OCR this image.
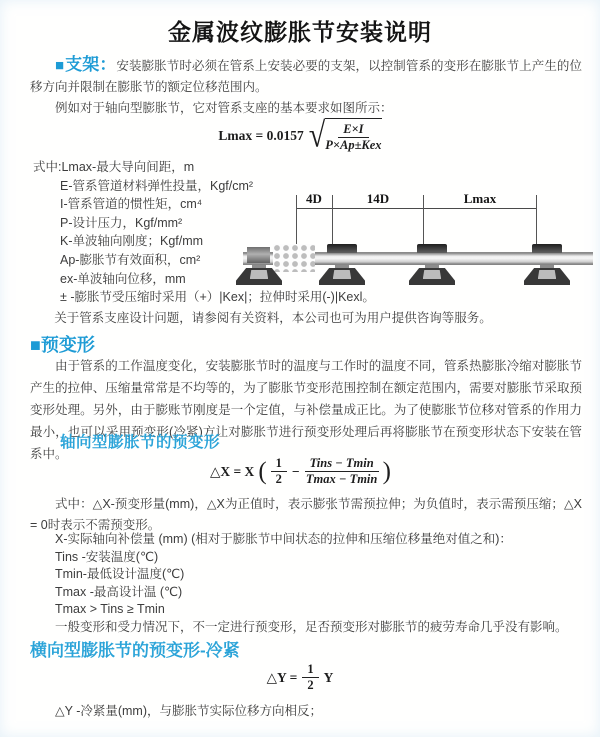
金属波纹膨胀节安装说明

■支架：安装膨胀节时必须在管系上安装必要的支架，以控制管系的变形在膨胀节上产生的位移方向并限制在膨胀节的额定位移范围内。

例如对于轴向型膨胀节，它对管系支座的基本要求如图所示：

Lmax = 0.0157 √ $\frac{E\times I}{\text{P×Ap±Kex}}$
式中:Lmax-最大导向间距，m
E-管系管道材料弹性投量，Kgf/cm²
I-管系管道的惯性矩，cm⁴
P-设计压力，Kgf/mm²
K-单波轴向刚度；Kgf/mm
Ap-膨胀节有效面积，cm²
ex-单波轴向位移，mm
± -膨胀节受压缩时采用（+）|Kex|；拉伸时采用(-)|Kexl。
关于管系支座设计问题，请参阅有关资料，本公司也可为用户提供咨询等服务。
4D	14D	Lmax
■预变形

由于管系的工作温度变化，安装膨胀节时的温度与工作时的温度不同，管系热膨胀冷缩对膨胀节产生的拉伸、压缩量常常是不均等的，为了膨胀节变形范围控制在额定范围内，需要对膨胀节采取预变形处理。另外，由于膨账节刚度是一个定值，与补偿量成正比。为了使膨胀节位移对管系的作用力最小，也可以采用预变形(冷紧)方让对膨胀节进行预变形处理后再将膨胀节在预变形状态下安装在管系中。

轴向型膨胀节的预变形
△X = X ( $\frac{1}{2} - \frac{\text{Tins − Tmin}}{Tmax - Tmin}$ )

式中：△X-预变形量(mm)，△X为正值时，表示膨张节需预拉伸；为负值时，表示需预压缩；△X = 0时表示不需预变形。

X-实际轴向补偿量 (mm) (相对于膨胀节中间状态的拉伸和压缩位移量绝对值之和)：
Tins -安装温度(℃)
Tmin-最低设计温度(℃)
Tmax -最高设计温 (℃)
Tmax > Tins ≥ Tmin
一般变形和受力情况下，不一定进行预变形，足否预变形对膨胀节的疲劳寿命几乎没有影响。
横向型膨胀节的预变形-冷紧
△Y = $\frac{1}{2}$ Y
△Y -冷紧量(mm)，与膨胀节实际位移方向相反；
